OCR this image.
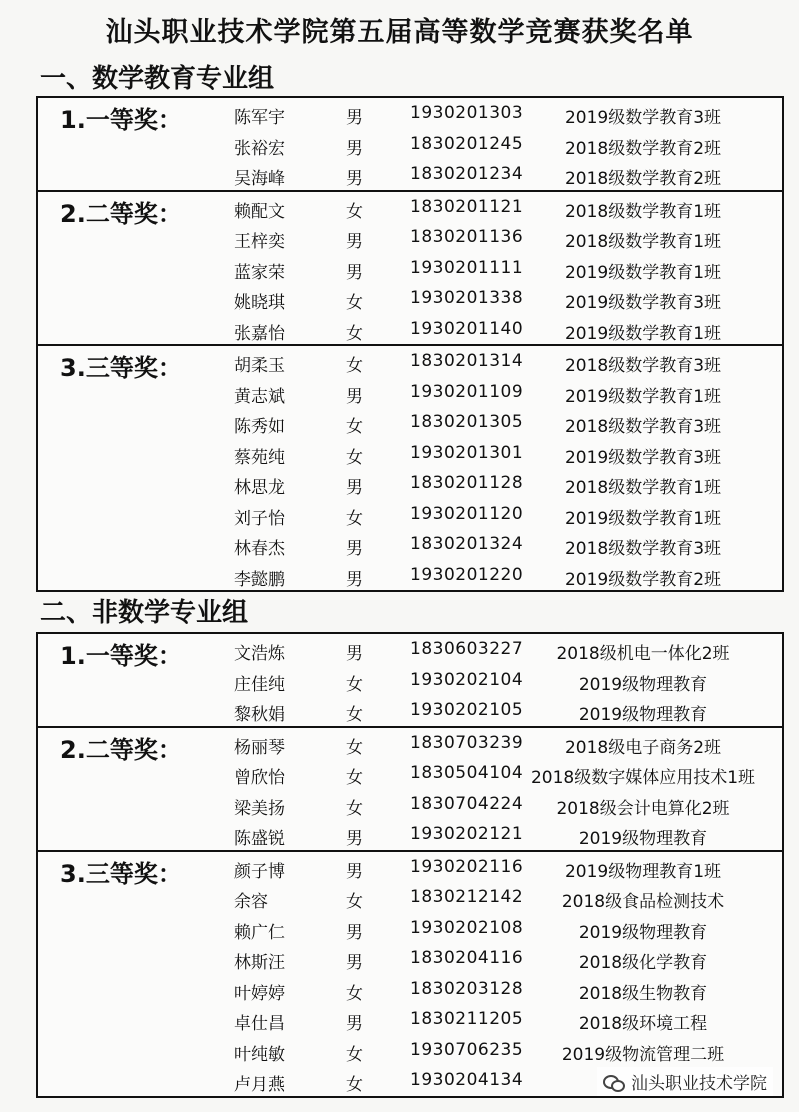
汕头职业技术学院第五届高等数学竞赛获奖名单
一、数学教育专业组
1.一等奖：	陈军宇	男	1930201303	2019级数学教育3班
张裕宏	男	1830201245	2018级数学教育2班
吴海峰	男	1830201234	2018级数学教育2班
2.二等奖：	赖配文	女	1830201121	2018级数学教育1班
王梓奕	男	1830201136	2018级数学教育1班
蓝家荣	男	1930201111	2019级数学教育1班
姚晓琪	女	1930201338	2019级数学教育3班
张嘉怡	女	1930201140	2019级数学教育1班
3.三等奖：	胡柔玉	女	1830201314	2018级数学教育3班
黄志斌	男	1930201109	2019级数学教育1班
陈秀如	女	1830201305	2018级数学教育3班
蔡苑纯	女	1930201301	2019级数学教育3班
林思龙	男	1830201128	2018级数学教育1班
刘子怡	女	1930201120	2019级数学教育1班
林春杰	男	1830201324	2018级数学教育3班
李懿鹏	男	1930201220	2019级数学教育2班
二、非数学专业组
1.一等奖：	文浩炼	男	1830603227	2018级机电一体化2班
庄佳纯	女	1930202104	2019级物理教育
黎秋娟	女	1930202105	2019级物理教育
2.二等奖：	杨丽琴	女	1830703239	2018级电子商务2班
曾欣怡	女	1830504104 2018级数字媒体应用技术1班
梁美扬	女	1830704224	2018级会计电算化2班
陈盛锐	男	1930202121	2019级物理教育
3.三等奖：	颜子博	男	1930202116	2019级物理教育1班
余容	女	1830212142	2018级食品检测技术
赖广仁	男	1930202108	2019级物理教育
林斯汪	男	1830204116	2018级化学教育
叶婷婷	女	1830203128	2018级生物教育
卓仕昌	男	1830211205	2018级环境工程
叶纯敏	女	1930706235	2019级物流管理二班
卢月燕	女	1930204134	汕头职业技术学院
